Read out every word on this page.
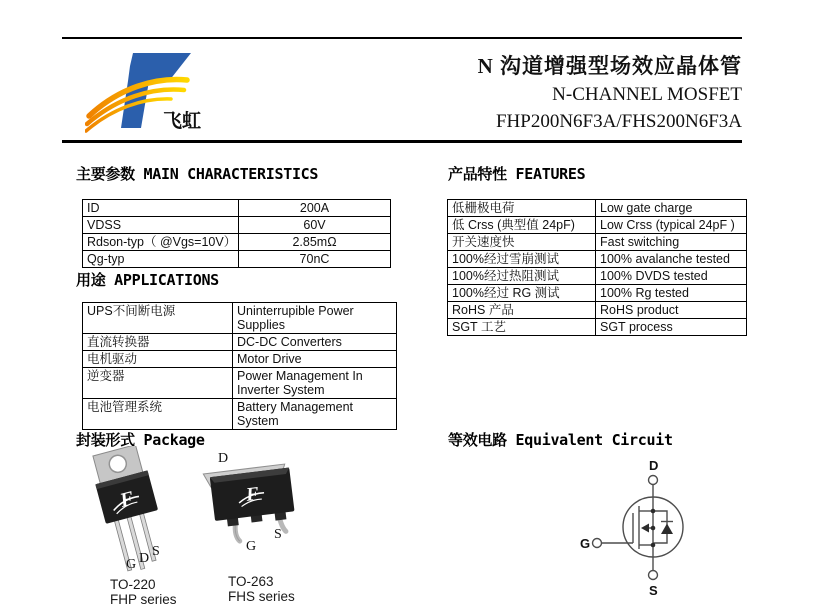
飞虹
N 沟道增强型场效应晶体管
N-CHANNEL MOSFET
FHP200N6F3A/FHS200N6F3A
主要参数 MAIN CHARACTERISTICS	产品特性 FEATURES
用途 APPLICATIONS
封装形式 Package	等效电路 Equivalent Circuit
ID	200A
VDSS	60V
Rdson-typ（ @Vgs=10V）	2.85mΩ
Qg-typ	70nC
低栅极电荷	Low gate charge
低 Crss (典型值 24pF)	Low Crss (typical 24pF )
开关速度快	Fast switching
100%经过雪崩测试	100% avalanche tested
100%经过热阻测试	100% DVDS tested
100%经过 RG 测试	100% Rg tested
RoHS 产品	RoHS product
SGT 工艺	SGT process
UPS不间断电源	Uninterrupible Power Supplies
直流转换器	DC-DC Converters
电机驱动	Motor Drive
逆变器	Power Management In Inverter System
电池管理系统	Battery Management System
F
G D S
TO-220
FHP series
F
D
G
S
TO-263
FHS series
D
G
S
